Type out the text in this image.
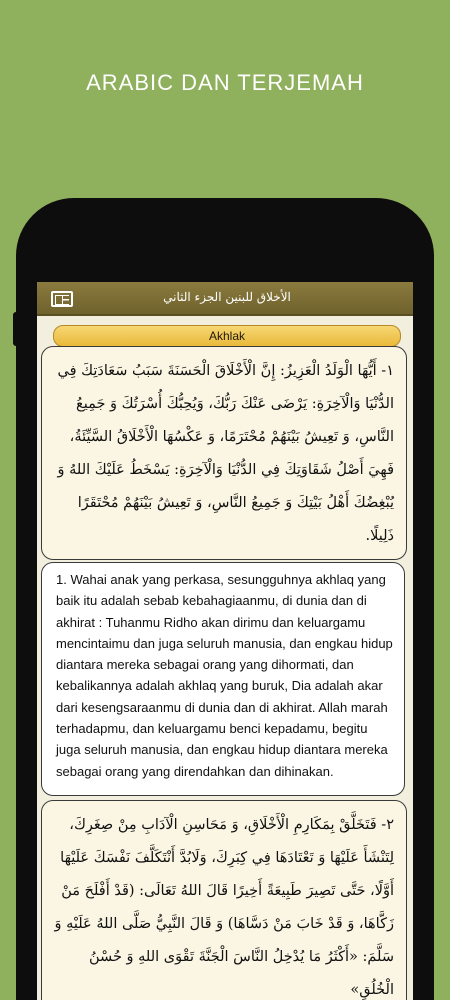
ARABIC DAN TERJEMAH
الأخلاق للبنين الجزء الثاني
Akhlak
١- أَيُّهَا الْوَلَدُ الْعَزِيزُ: إِنَّ الْأَخْلَاقَ الْحَسَنَةَ سَبَبُ سَعَادَتِكَ فِي الدُّنْيَا وَالْآخِرَةِ: يَرْضَى عَنْكَ رَبُّكَ، وَيُحِبُّكَ أُسْرَتُكَ وَ جَمِيعُ النَّاسِ، وَ تَعِيشُ بَيْنَهُمْ مُحْتَرَمًا، وَ عَكْسُهَا الْأَخْلَاقُ السَّيِّئَةُ، فَهِيَ أَصْلُ شَقَاوَتِكَ فِي الدُّنْيَا وَالْآخِرَةِ: يَسْخَطُ عَلَيْكَ اللهُ وَ يُبْغِضُكَ أَهْلُ بَيْتِكَ وَ جَمِيعُ النَّاسِ، وَ تَعِيشُ بَيْنَهُمْ مُحْتَقَرًا ذَلِيلًا.
1. Wahai anak yang perkasa, sesungguhnya akhlaq yang baik itu adalah sebab kebahagiaanmu, di dunia dan di akhirat : Tuhanmu Ridho akan dirimu dan keluargamu mencintaimu dan juga seluruh manusia, dan engkau hidup diantara mereka sebagai orang yang dihormati, dan kebalikannya adalah akhlaq yang buruk, Dia adalah akar dari kesengsaraanmu di dunia dan di akhirat. Allah marah terhadapmu, dan keluargamu benci kepadamu, begitu juga seluruh manusia, dan engkau hidup diantara mereka sebagai orang yang direndahkan dan dihinakan.
٢- فَتَخَلَّقْ بِمَكَارِمِ الْأَخْلَاقِ، وَ مَحَاسِنِ الْآدَابِ مِنْ صِغَرِكَ، لِتَنْشَأَ عَلَيْهَا وَ تَعْتَادَهَا فِي كِبَرِكَ، وَلَابُدَّ أَنْتَكَلَّفَ نَفْسَكَ عَلَيْهَا أَوَّلًا، حَتَّى تَصِيرَ طَبِيعَةً أَخِيرًا قَالَ اللهُ تَعَالَى: (قَدْ أَفْلَحَ مَنْ زَكَّاهَا، وَ قَدْ خَابَ مَنْ دَسَّاهَا) وَ قَالَ النَّبِيُّ صَلَّى اللهُ عَلَيْهِ وَ سَلَّمَ: «أَكْثَرُ مَا يُدْخِلُ النَّاسَ الْجَنَّةَ تَقْوَى اللهِ وَ حُسْنُ الْخُلُقِ»
